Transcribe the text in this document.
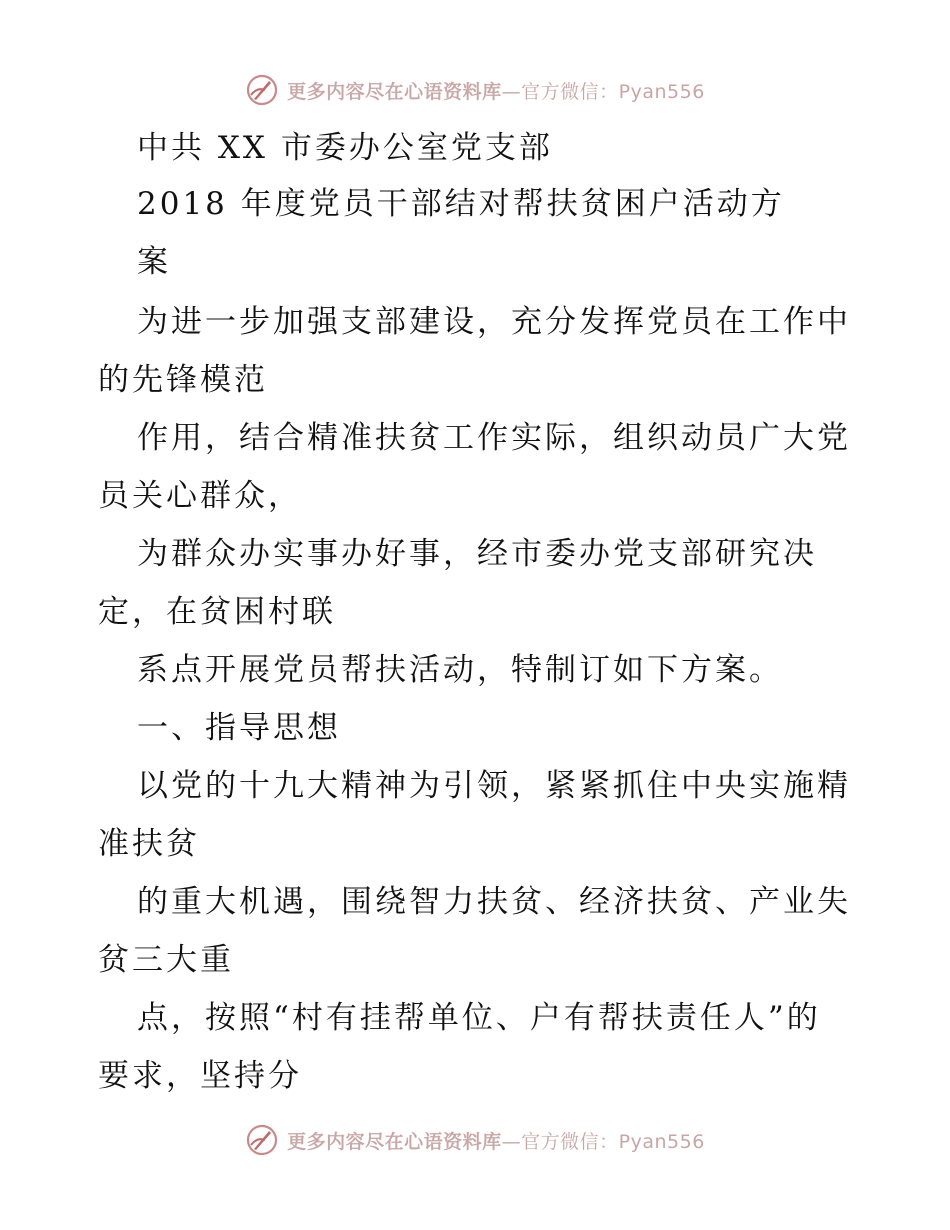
更多内容尽在心语资料库—官方微信：Pyan556
中共 XX 市委办公室党支部
2018 年度党员干部结对帮扶贫困户活动方
案
为进一步加强支部建设，充分发挥党员在工作中
的先锋模范
作用，结合精准扶贫工作实际，组织动员广大党
员关心群众，
为群众办实事办好事，经市委办党支部研究决
定，在贫困村联
系点开展党员帮扶活动，特制订如下方案。
一、指导思想
以党的十九大精神为引领，紧紧抓住中央实施精
准扶贫
的重大机遇，围绕智力扶贫、经济扶贫、产业失
贫三大重
点，按照“村有挂帮单位、户有帮扶责任人”的
要求，坚持分
更多内容尽在心语资料库—官方微信：Pyan556
